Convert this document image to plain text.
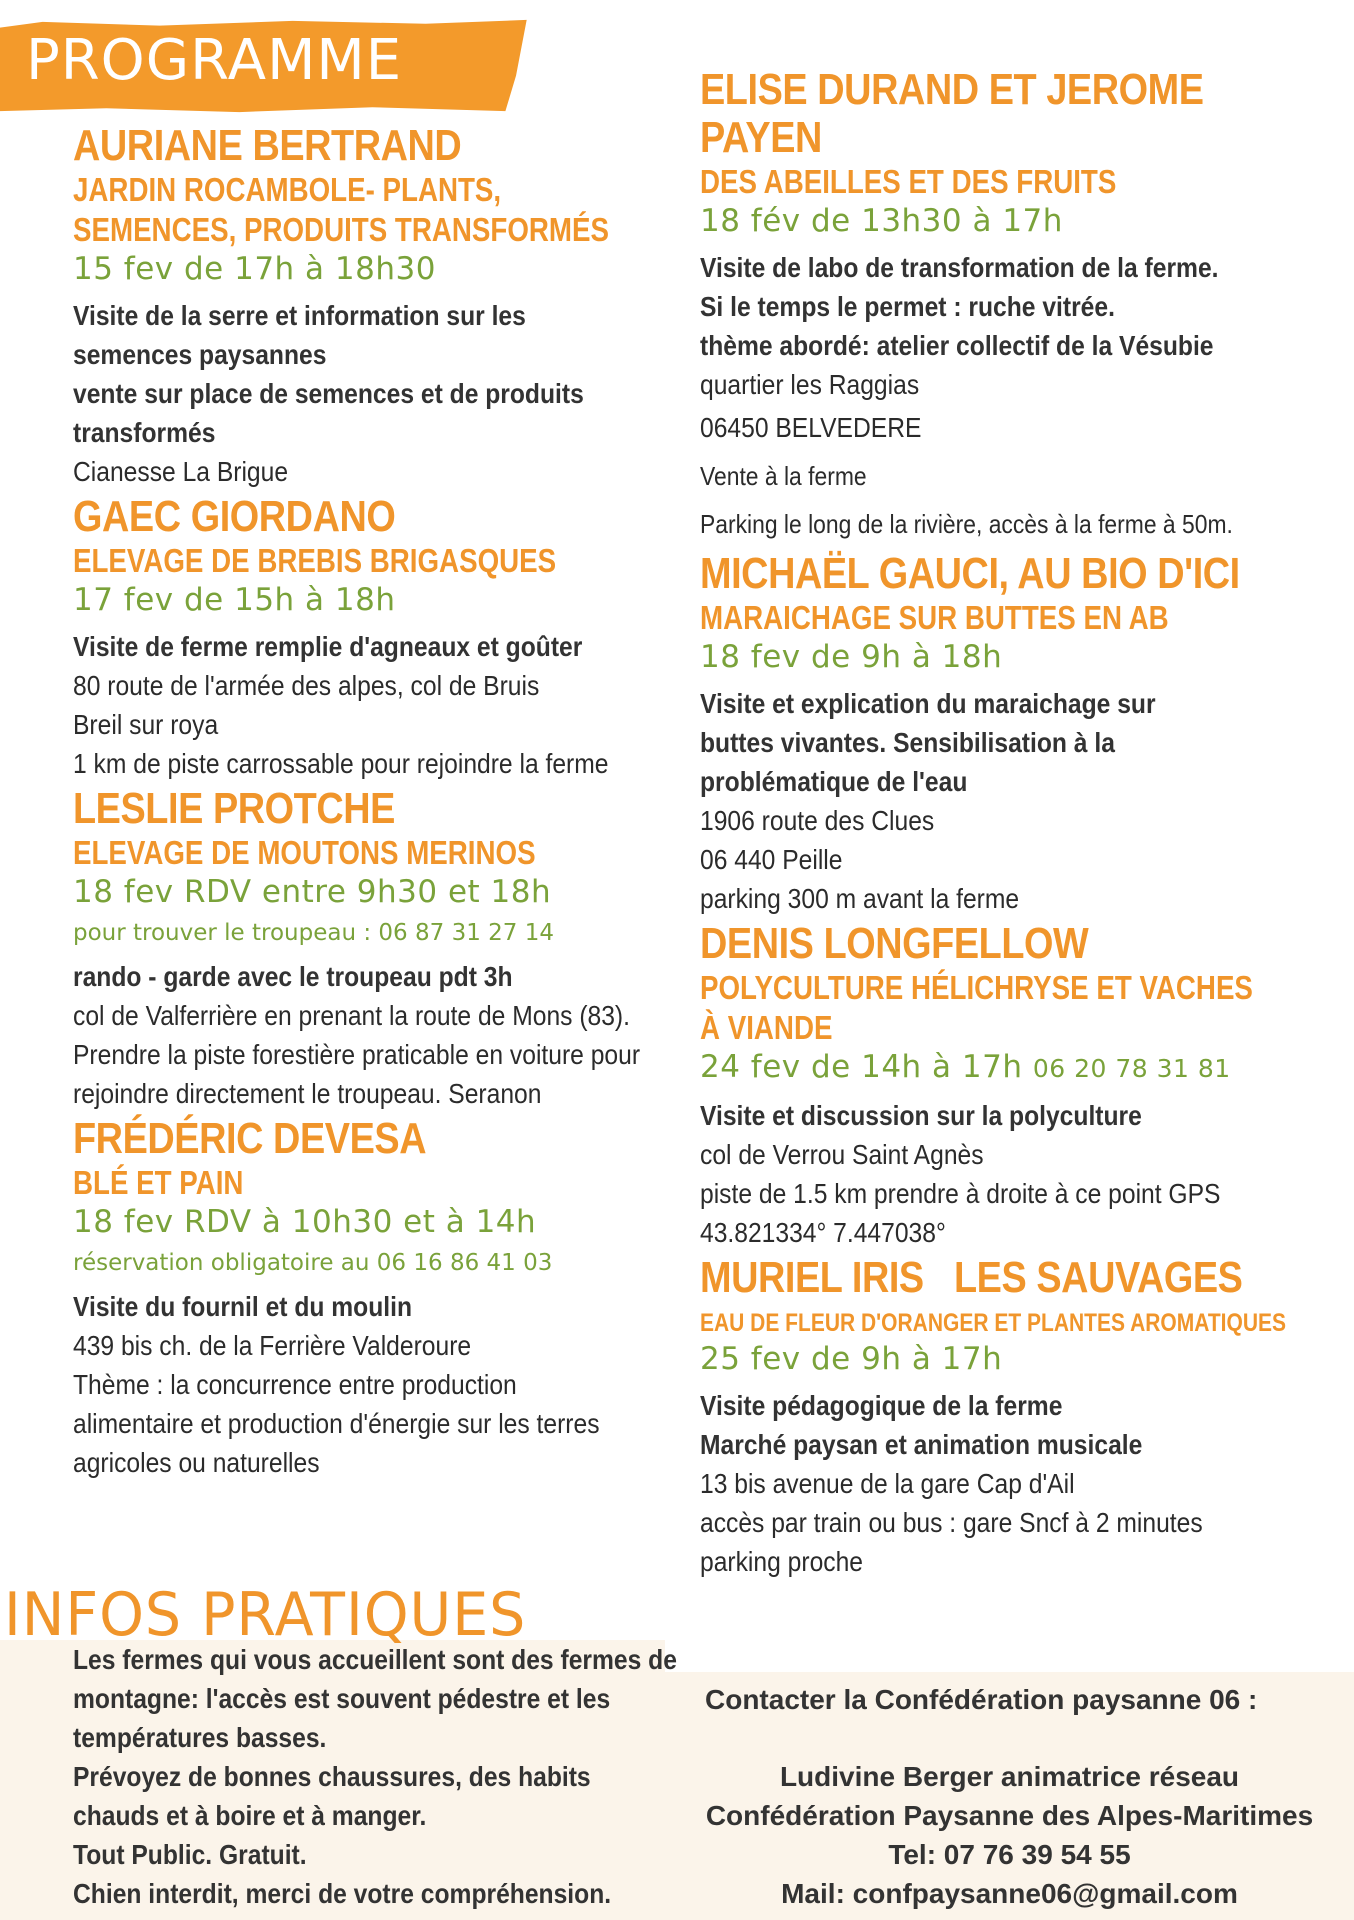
PROGRAMME
AURIANE BERTRAND
JARDIN ROCAMBOLE- PLANTS,
SEMENCES, PRODUITS TRANSFORMÉS
15 fev de 17h à 18h30
Visite de la serre et information sur les
semences paysannes
vente sur place de semences et de produits
transformés
Cianesse La Brigue
GAEC GIORDANO
ELEVAGE DE BREBIS BRIGASQUES
17 fev de 15h à 18h
Visite de ferme remplie d'agneaux et goûter
80 route de l'armée des alpes, col de Bruis
Breil sur roya
1 km de piste carrossable pour rejoindre la ferme
LESLIE PROTCHE
ELEVAGE DE MOUTONS MERINOS
18 fev RDV entre 9h30 et 18h
pour trouver le troupeau : 06 87 31 27 14
rando - garde avec le troupeau pdt 3h
col de Valferrière en prenant la route de Mons (83).
Prendre la piste forestière praticable en voiture pour
rejoindre directement le troupeau. Seranon
FRÉDÉRIC DEVESA
BLÉ ET PAIN
18 fev RDV à 10h30 et à 14h
réservation obligatoire au 06 16 86 41 03
Visite du fournil et du moulin
439 bis ch. de la Ferrière Valderoure
Thème : la concurrence entre production
alimentaire et production d'énergie sur les terres
agricoles ou naturelles
ELISE DURAND ET JEROME
PAYEN
DES ABEILLES ET DES FRUITS
18 fév de 13h30 à 17h
Visite de labo de transformation de la ferme.
Si le temps le permet : ruche vitrée.
thème abordé: atelier collectif de la Vésubie
quartier les Raggias
06450 BELVEDERE
Vente à la ferme
Parking le long de la rivière, accès à la ferme à 50m.
MICHAËL GAUCI, AU BIO D'ICI
MARAICHAGE SUR BUTTES EN AB
18 fev de 9h à 18h
Visite et explication du maraichage sur
buttes vivantes. Sensibilisation à la
problématique de l'eau
1906 route des Clues
06 440 Peille
parking 300 m avant la ferme
DENIS LONGFELLOW
POLYCULTURE HÉLICHRYSE ET VACHES
À VIANDE
24 fev de 14h à 17h 06 20 78 31 81
Visite et discussion sur la polyculture
col de Verrou Saint Agnès
piste de 1.5 km prendre à droite à ce point GPS
43.821334° 7.447038°
MURIEL IRIS   LES SAUVAGES
EAU DE FLEUR D'ORANGER ET PLANTES AROMATIQUES
25 fev de 9h à 17h
Visite pédagogique de la ferme
Marché paysan et animation musicale
13 bis avenue de la gare Cap d'Ail
accès par train ou bus : gare Sncf à 2 minutes
parking proche
INFOS PRATIQUES
Les fermes qui vous accueillent sont des fermes de
montagne: l'accès est souvent pédestre et les
températures basses.
Prévoyez de bonnes chaussures, des habits
chauds et à boire et à manger.
Tout Public. Gratuit.
Chien interdit, merci de votre compréhension.
Contacter la Confédération paysanne 06 :
Ludivine Berger animatrice réseau
Confédération Paysanne des Alpes-Maritimes
Tel: 07 76 39 54 55
Mail: confpaysanne06@gmail.com
